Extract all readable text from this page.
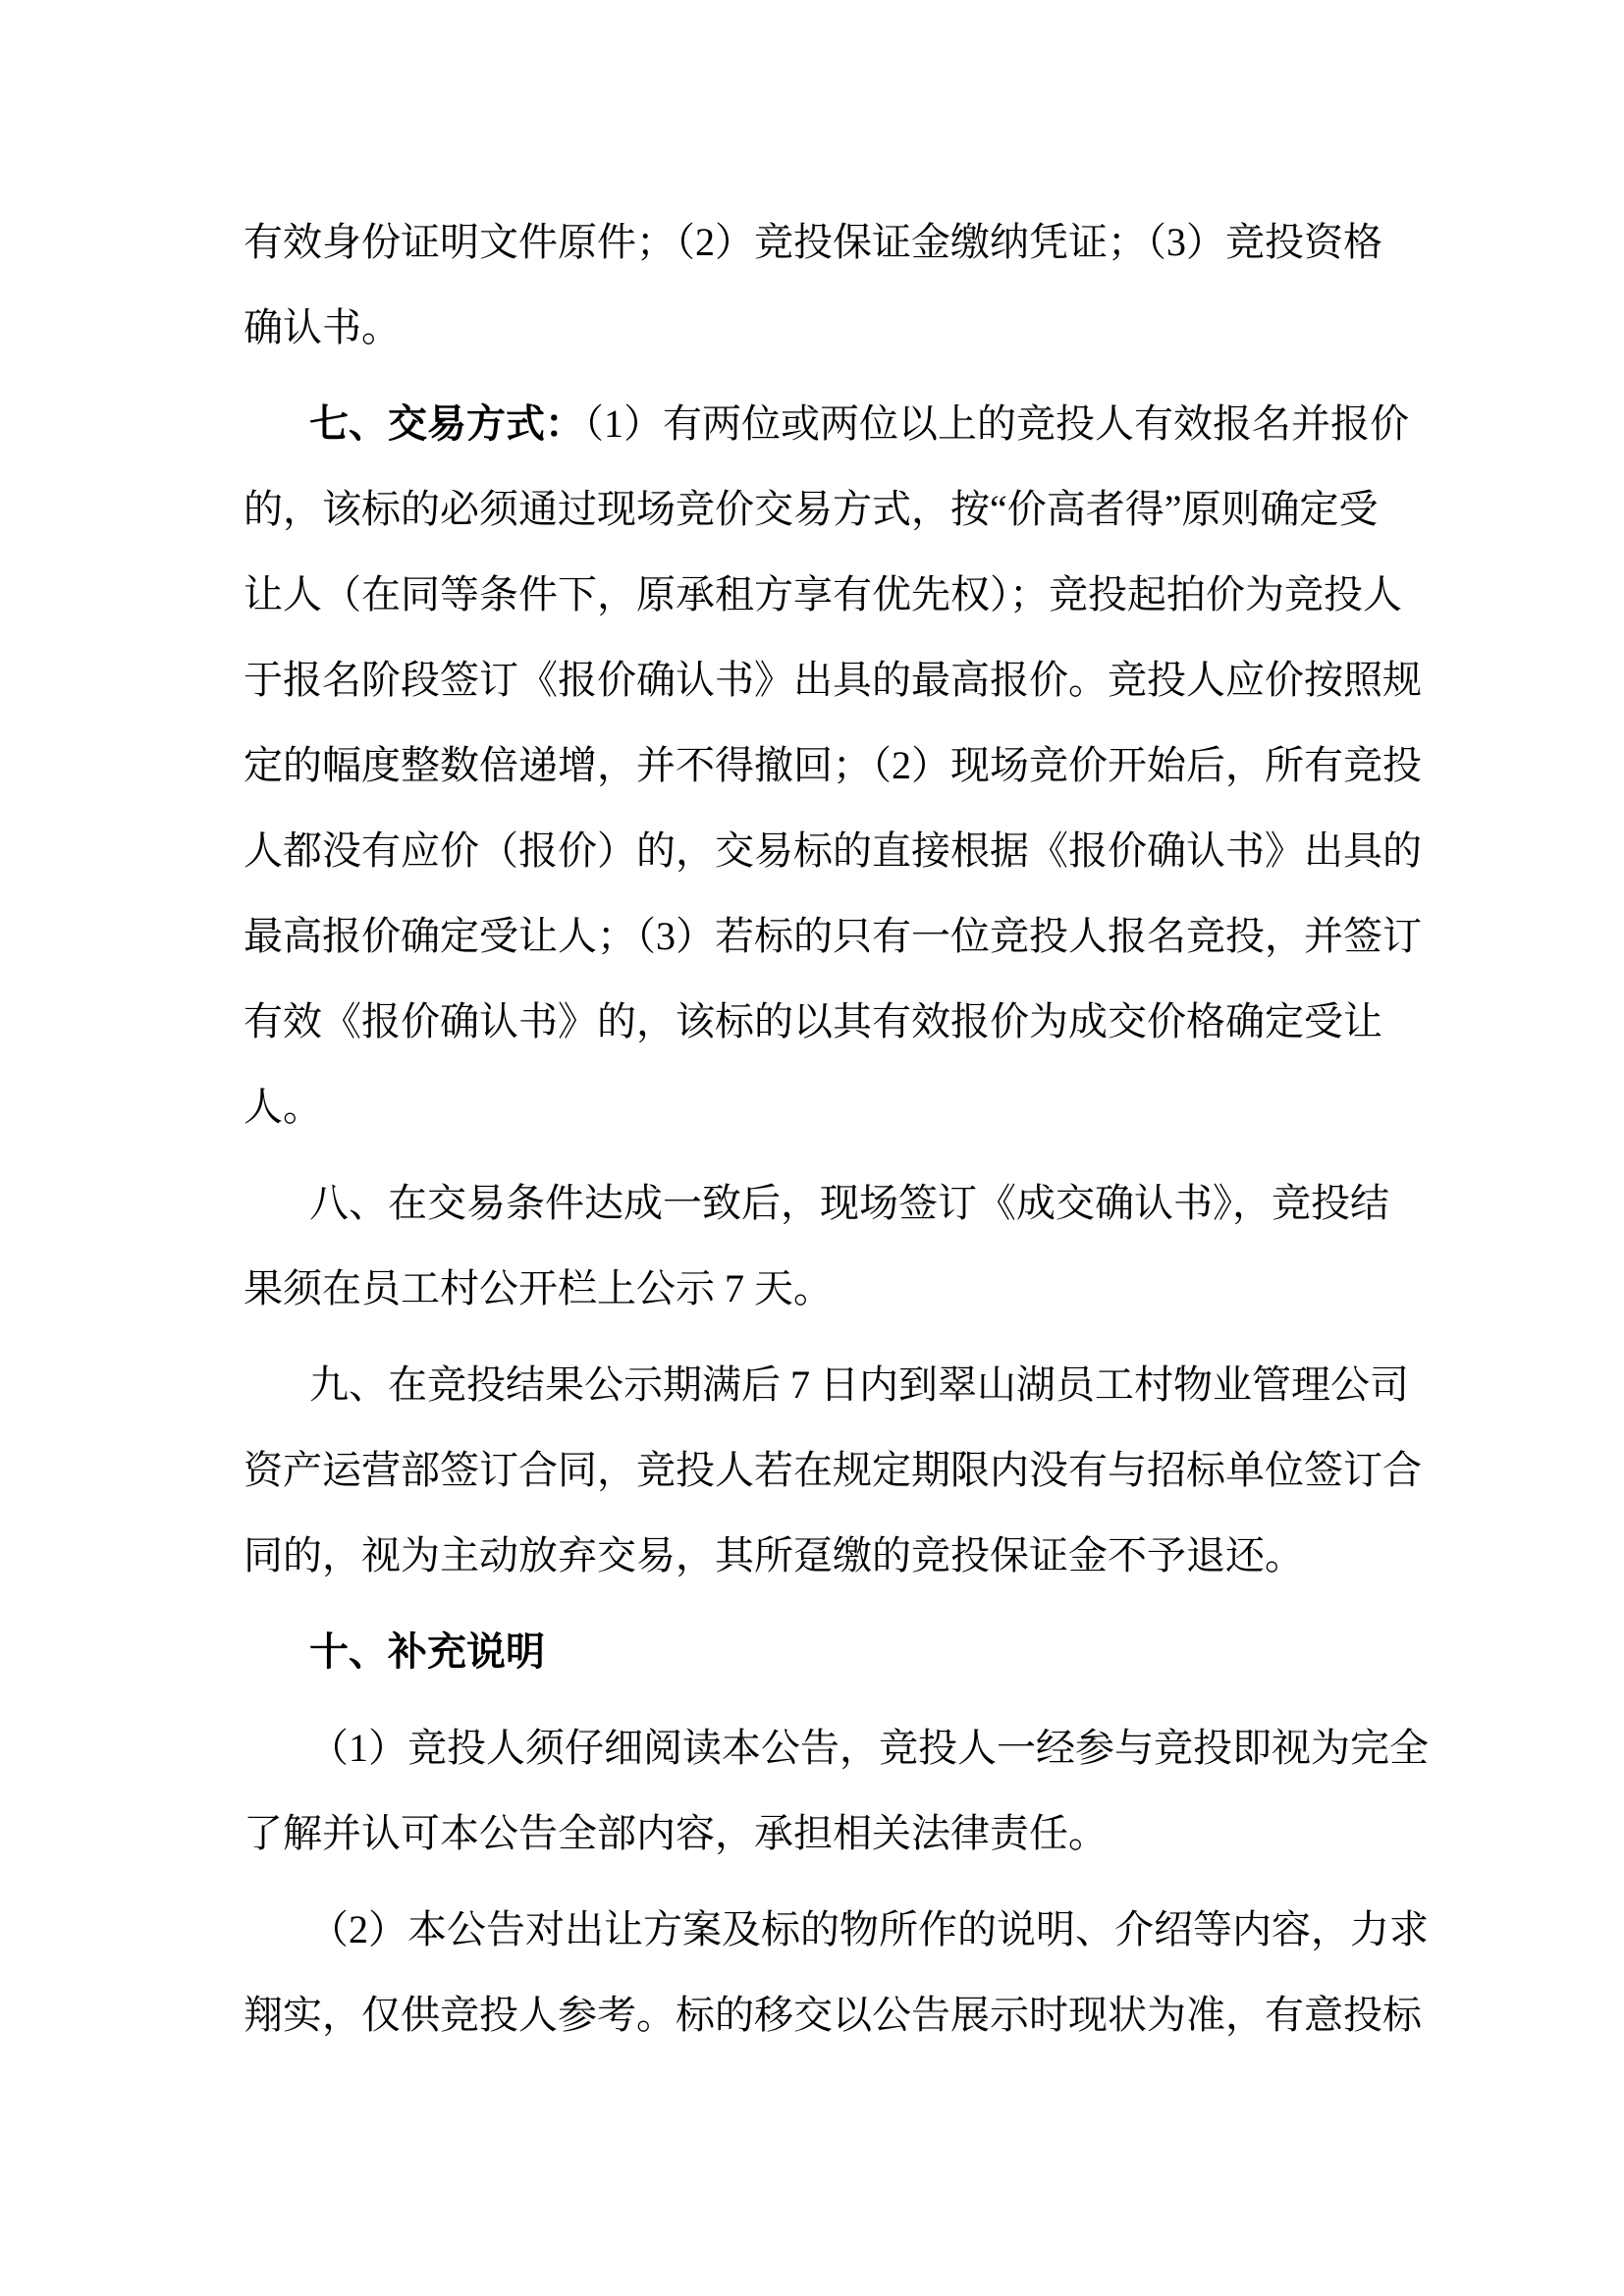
有效身份证明文件原件；（2）竞投保证金缴纳凭证；（3）竞投资格
确认书。
七、交易方式：（1）有两位或两位以上的竞投人有效报名并报价
的，该标的必须通过现场竞价交易方式，按“价高者得”原则确定受
让人（在同等条件下，原承租方享有优先权）；竞投起拍价为竞投人
于报名阶段签订《报价确认书》出具的最高报价。竞投人应价按照规
定的幅度整数倍递增，并不得撤回；（2）现场竞价开始后，所有竞投
人都没有应价（报价）的，交易标的直接根据《报价确认书》出具的
最高报价确定受让人；（3）若标的只有一位竞投人报名竞投，并签订
有效《报价确认书》的，该标的以其有效报价为成交价格确定受让
人。
八、在交易条件达成一致后，现场签订《成交确认书》，竞投结
果须在员工村公开栏上公示 7 天。
九、在竞投结果公示期满后 7 日内到翠山湖员工村物业管理公司
资产运营部签订合同，竞投人若在规定期限内没有与招标单位签订合
同的，视为主动放弃交易，其所趸缴的竞投保证金不予退还。
十、补充说明
（1）竞投人须仔细阅读本公告，竞投人一经参与竞投即视为完全
了解并认可本公告全部内容，承担相关法律责任。
（2）本公告对出让方案及标的物所作的说明、介绍等内容，力求
翔实，仅供竞投人参考。标的移交以公告展示时现状为准，有意投标
